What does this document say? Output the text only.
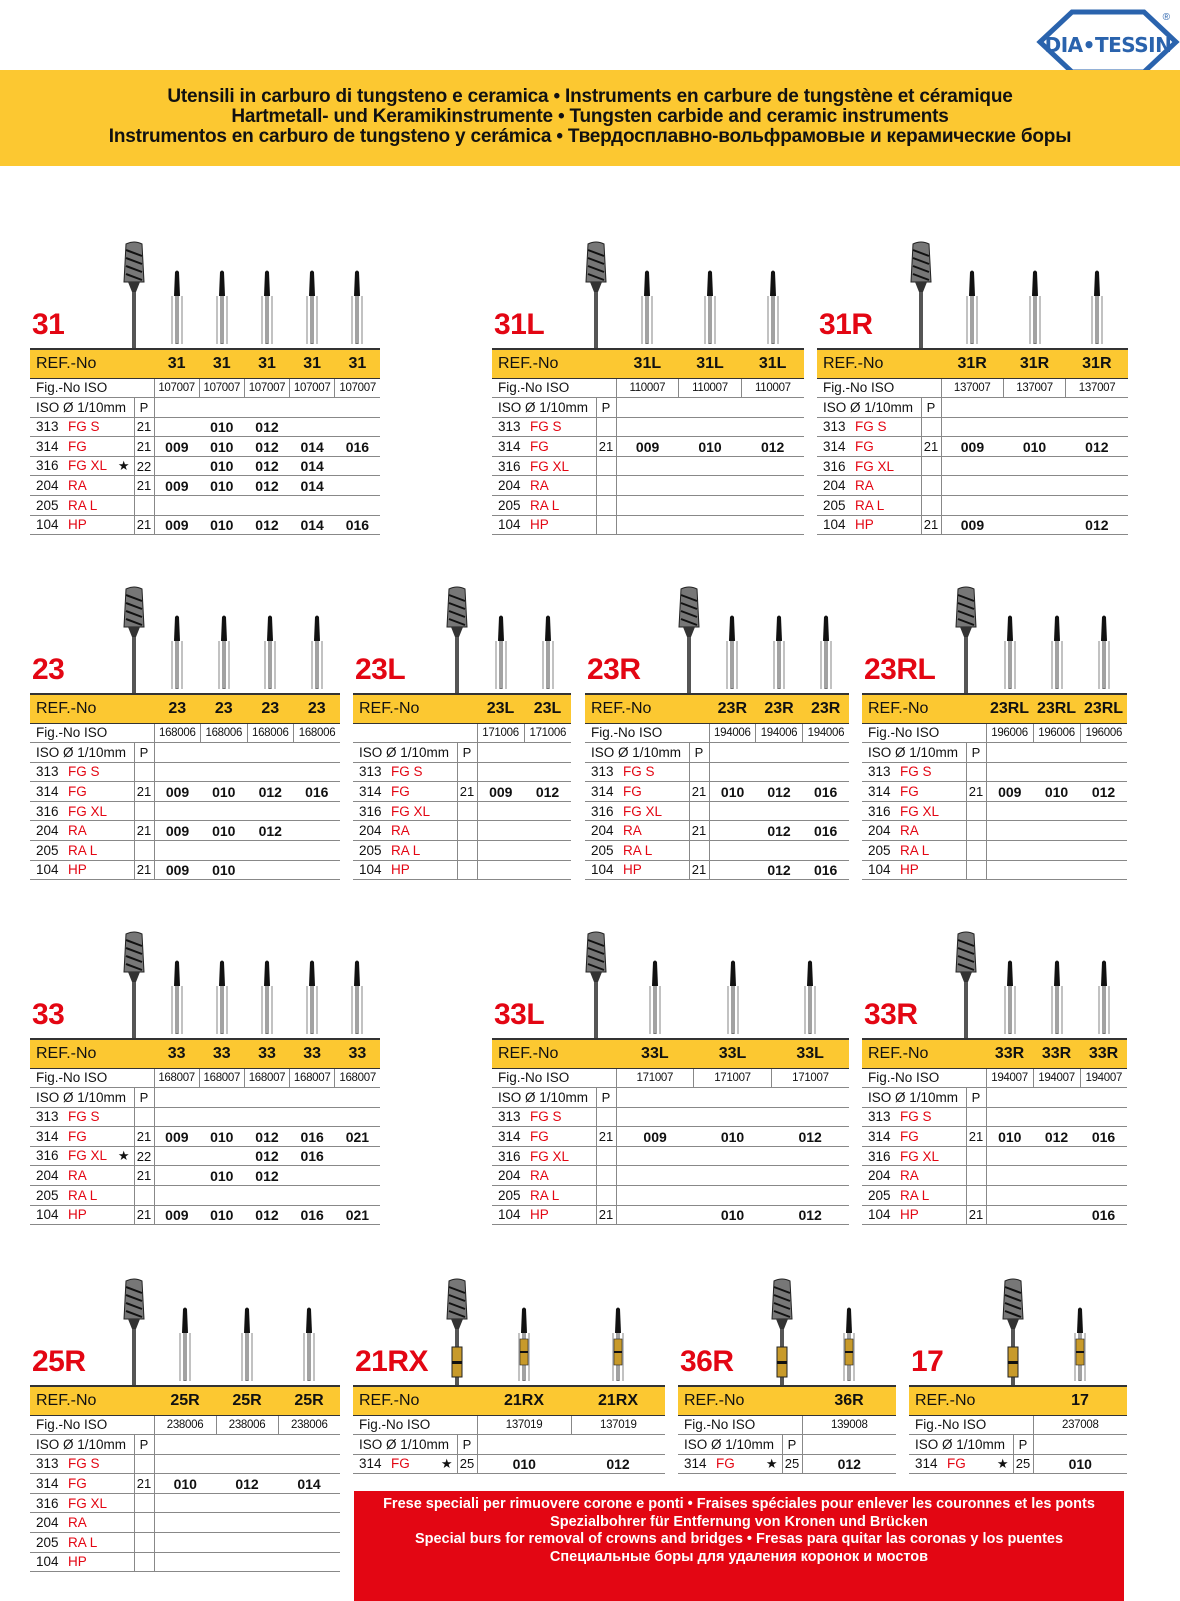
DIA•TESSIN
®
Utensili in carburo di tungsteno e ceramica • Instruments en carbure de tungstène et céramique
Hartmetall- und Keramikinstrumente • Tungsten carbide and ceramic instruments
Instrumentos en carburo de tungsteno y cerámica • Твердосплавно-вольфрамовые и керамические боры
31
REF.-No		31	31	31	31	31
Fig.-No ISO		107007	107007	107007	107007	107007
ISO Ø 1/10mm	P					
313 FG S	21		010	012		
314 FG	21	009	010	012	014	016
316 FG XL ★	22		010	012	014	
204 RA	21	009	010	012	014	
205 RA L						
104 HP	21	009	010	012	014	016
31L
REF.-No		31L	31L	31L
Fig.-No ISO		110007	110007	110007
ISO Ø 1/10mm	P			
313 FG S				
314 FG	21	009	010	012
316 FG XL				
204 RA				
205 RA L				
104 HP				
31R
REF.-No		31R	31R	31R
Fig.-No ISO		137007	137007	137007
ISO Ø 1/10mm	P			
313 FG S				
314 FG	21	009	010	012
316 FG XL				
204 RA				
205 RA L				
104 HP	21	009		012
23
REF.-No		23	23	23	23
Fig.-No ISO		168006	168006	168006	168006
ISO Ø 1/10mm	P				
313 FG S					
314 FG	21	009	010	012	016
316 FG XL					
204 RA	21	009	010	012	
205 RA L					
104 HP	21	009	010		
23L
REF.-No		23L	23L
		171006	171006
ISO Ø 1/10mm	P		
313 FG S			
314 FG	21	009	012
316 FG XL			
204 RA			
205 RA L			
104 HP			
23R
REF.-No		23R	23R	23R
Fig.-No ISO		194006	194006	194006
ISO Ø 1/10mm	P			
313 FG S				
314 FG	21	010	012	016
316 FG XL				
204 RA	21		012	016
205 RA L				
104 HP	21		012	016
23RL
REF.-No		23RL	23RL	23RL
Fig.-No ISO		196006	196006	196006
ISO Ø 1/10mm	P			
313 FG S				
314 FG	21	009	010	012
316 FG XL				
204 RA				
205 RA L				
104 HP				
33
REF.-No		33	33	33	33	33
Fig.-No ISO		168007	168007	168007	168007	168007
ISO Ø 1/10mm	P					
313 FG S						
314 FG	21	009	010	012	016	021
316 FG XL ★	22			012	016	
204 RA	21		010	012		
205 RA L						
104 HP	21	009	010	012	016	021
33L
REF.-No		33L	33L	33L
Fig.-No ISO		171007	171007	171007
ISO Ø 1/10mm	P			
313 FG S				
314 FG	21	009	010	012
316 FG XL				
204 RA				
205 RA L				
104 HP	21		010	012
33R
REF.-No		33R	33R	33R
Fig.-No ISO		194007	194007	194007
ISO Ø 1/10mm	P			
313 FG S				
314 FG	21	010	012	016
316 FG XL				
204 RA				
205 RA L				
104 HP	21			016
25R
REF.-No		25R	25R	25R
Fig.-No ISO		238006	238006	238006
ISO Ø 1/10mm	P			
313 FG S				
314 FG	21	010	012	014
316 FG XL				
204 RA				
205 RA L				
104 HP				
21RX
REF.-No		21RX	21RX
Fig.-No ISO		137019	137019
ISO Ø 1/10mm	P		
314 FG ★	25	010	012
36R
REF.-No		36R
Fig.-No ISO		139008
ISO Ø 1/10mm	P	
314 FG ★	25	012
17
REF.-No		17
Fig.-No ISO		237008
ISO Ø 1/10mm	P	
314 FG ★	25	010
Frese speciali per rimuovere corone e ponti • Fraises spéciales pour enlever les couronnes et les ponts
Spezialbohrer für Entfernung von Kronen und Brücken
Special burs for removal of crowns and bridges • Fresas para quitar las coronas y los puentes
Специальные боры для удаления коронок и мостов
